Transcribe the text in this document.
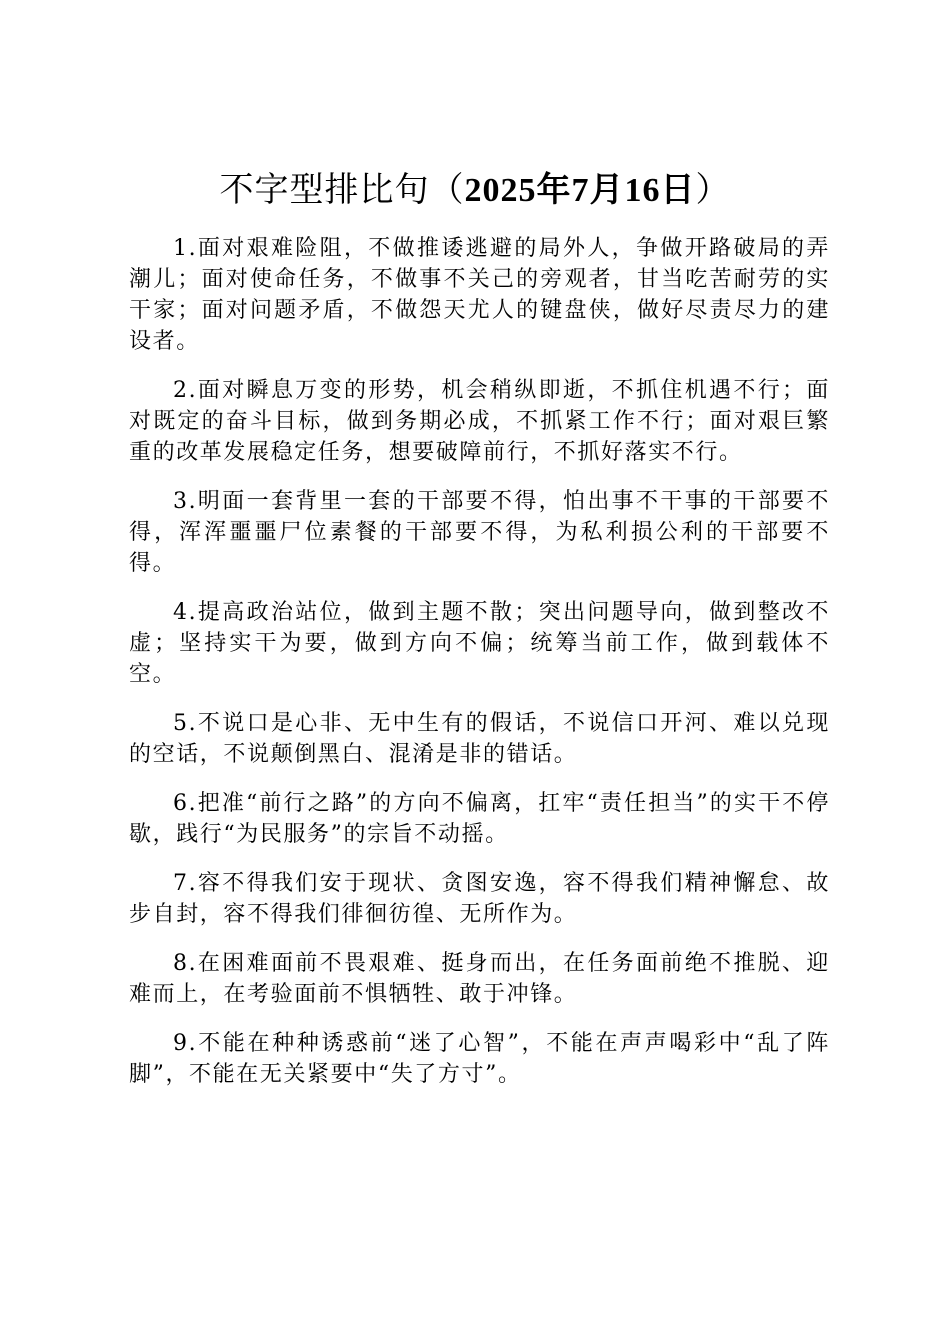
不字型排比句（2025年7月16日）

1.面对艰难险阻，不做推诿逃避的局外人，争做开路破局的弄潮儿；面对使命任务，不做事不关己的旁观者，甘当吃苦耐劳的实干家；面对问题矛盾，不做怨天尤人的键盘侠，做好尽责尽力的建设者。

2.面对瞬息万变的形势，机会稍纵即逝，不抓住机遇不行；面对既定的奋斗目标，做到务期必成，不抓紧工作不行；面对艰巨繁重的改革发展稳定任务，想要破障前行，不抓好落实不行。

3.明面一套背里一套的干部要不得，怕出事不干事的干部要不得，浑浑噩噩尸位素餐的干部要不得，为私利损公利的干部要不得。

4.提高政治站位，做到主题不散；突出问题导向，做到整改不虚；坚持实干为要，做到方向不偏；统筹当前工作，做到载体不空。

5.不说口是心非、无中生有的假话，不说信口开河、难以兑现的空话，不说颠倒黑白、混淆是非的错话。

6.把准“前行之路”的方向不偏离，扛牢“责任担当”的实干不停歇，践行“为民服务”的宗旨不动摇。

7.容不得我们安于现状、贪图安逸，容不得我们精神懈怠、故步自封，容不得我们徘徊彷徨、无所作为。

8.在困难面前不畏艰难、挺身而出，在任务面前绝不推脱、迎难而上，在考验面前不惧牺牲、敢于冲锋。

9.不能在种种诱惑前“迷了心智”，不能在声声喝彩中“乱了阵脚”，不能在无关紧要中“失了方寸”。
